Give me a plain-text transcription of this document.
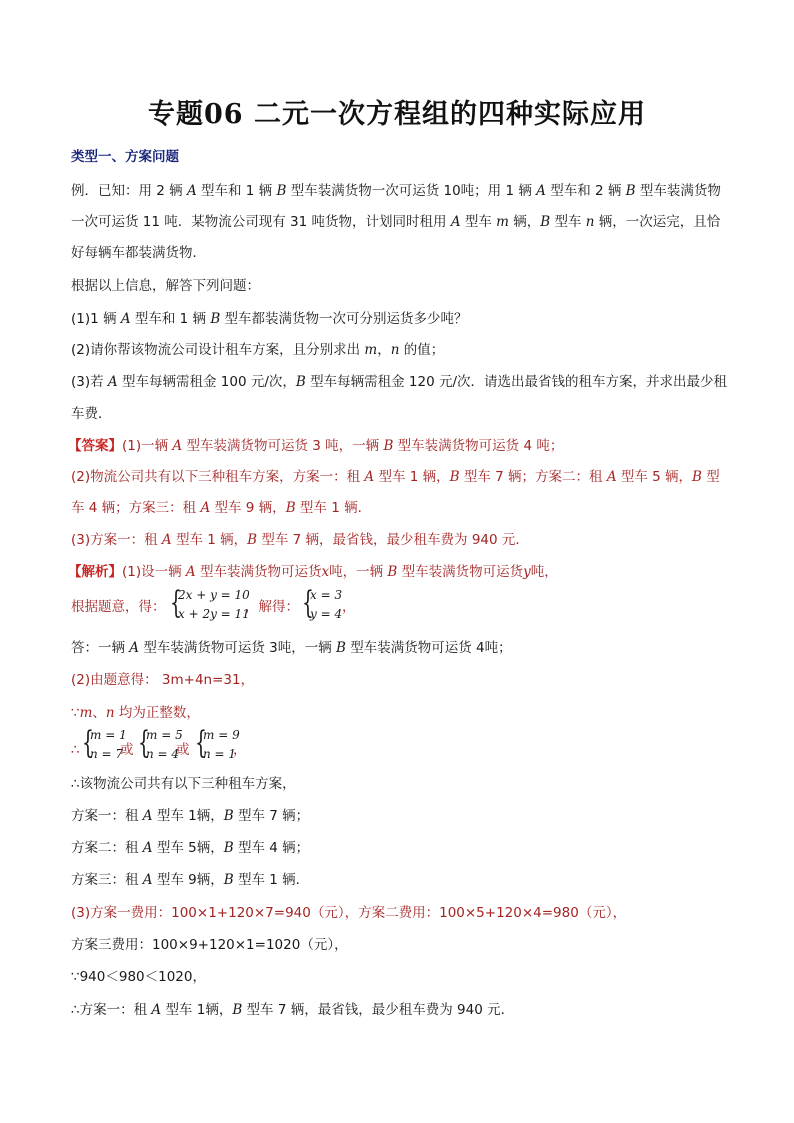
专题06 二元一次方程组的四种实际应用
类型一、方案问题
例．已知：用 2 辆 A 型车和 1 辆 B 型车装满货物一次可运货 10吨；用 1 辆 A 型车和 2 辆 B 型车装满货物
一次可运货 11 吨．某物流公司现有 31 吨货物，计划同时租用 A 型车 m 辆，B 型车 n 辆，一次运完，且恰
好每辆车都装满货物．
根据以上信息，解答下列问题：
(1)1 辆 A 型车和 1 辆 B 型车都装满货物一次可分别运货多少吨？
(2)请你帮该物流公司设计租车方案，且分别求出 m，n 的值；
(3)若 A 型车每辆需租金 100 元/次，B 型车每辆需租金 120 元/次．请选出最省钱的租车方案，并求出最少租
车费．
【答案】(1)一辆 A 型车装满货物可运货 3 吨，一辆 B 型车装满货物可运货 4 吨；
(2)物流公司共有以下三种租车方案，方案一：租 A 型车 1 辆，B 型车 7 辆；方案二：租 A 型车 5 辆，B 型
车 4 辆；方案三：租 A 型车 9 辆，B 型车 1 辆．
(3)方案一：租 A 型车 1 辆，B 型车 7 辆，最省钱，最少租车费为 940 元．
【解析】(1)设一辆 A 型车装满货物可运货x吨，一辆 B 型车装满货物可运货y吨，
根据题意，得： {
2x + y = 10
x + 2y = 11
，解得： {
x = 3
y = 4 ，
答：一辆 A 型车装满货物可运货 3吨，一辆 B 型车装满货物可运货 4吨；
(2)由题意得： 3m+4n=31，
∵m、n 均为正整数，
∴ {
m = 1
n = 7
或 {
m = 5
n = 4
或 {
m = 9
n = 1
，
∴该物流公司共有以下三种租车方案，
方案一：租 A 型车 1辆，B 型车 7 辆；
方案二：租 A 型车 5辆，B 型车 4 辆；
方案三：租 A 型车 9辆，B 型车 1 辆．
(3)方案一费用：100×1+120×7=940（元），方案二费用：100×5+120×4=980（元），
方案三费用：100×9+120×1=1020（元），
∵940＜980＜1020，
∴方案一：租 A 型车 1辆，B 型车 7 辆，最省钱，最少租车费为 940 元．
